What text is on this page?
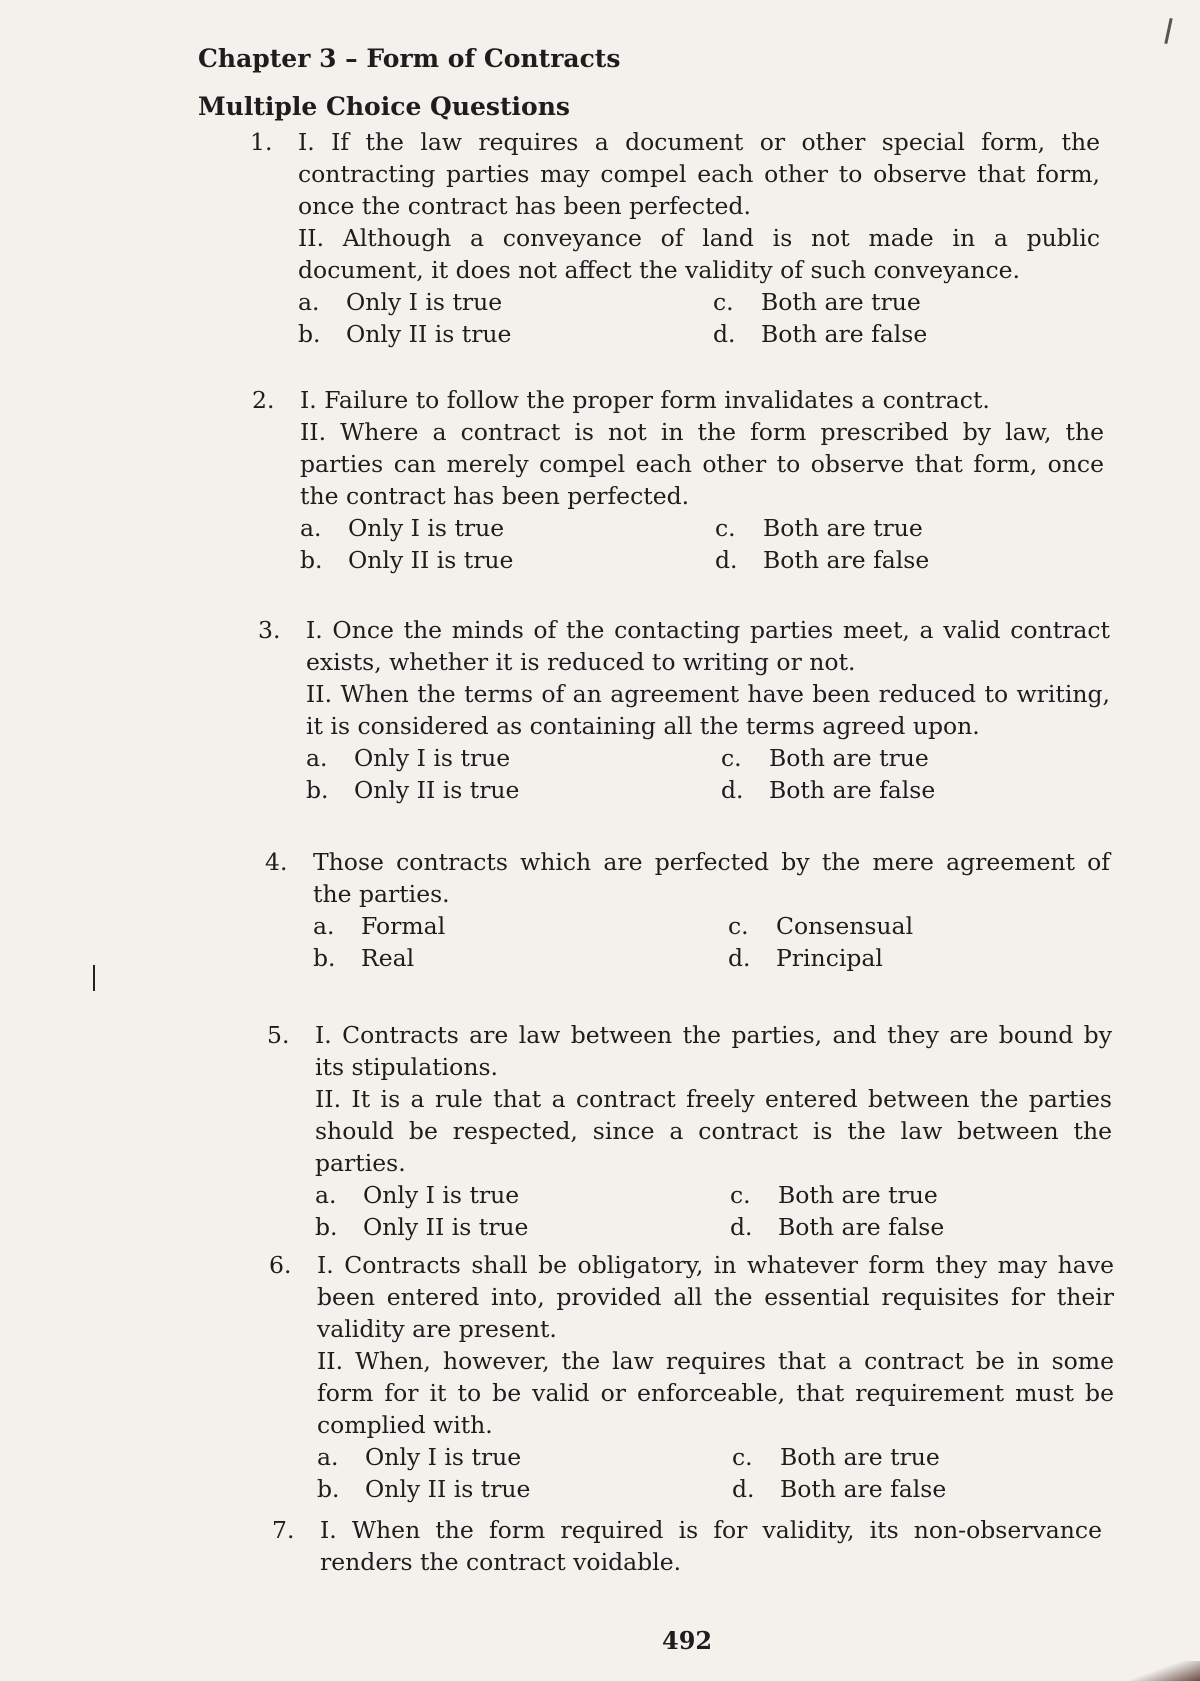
Chapter 3 – Form of Contracts
Multiple Choice Questions
1.	I. If the law requires a document or other special form, the contracting parties may compel each other to observe that form, once the contract has been perfected.

II. Although a conveyance of land is not made in a public document, it does not affect the validity of such conveyance.

a.	Only I is true	c.	Both are true
b.	Only II is true	d.	Both are false
2.	I. Failure to follow the proper form invalidates a contract.

II. Where a contract is not in the form prescribed by law, the parties can merely compel each other to observe that form, once the contract has been perfected.

a.	Only I is true	c.	Both are true
b.	Only II is true	d.	Both are false
3.	I. Once the minds of the contacting parties meet, a valid contract exists, whether it is reduced to writing or not.

II. When the terms of an agreement have been reduced to writing, it is considered as containing all the terms agreed upon.

a.	Only I is true	c.	Both are true
b.	Only II is true	d.	Both are false
4.	Those contracts which are perfected by the mere agreement of the parties.

a.	Formal	c.	Consensual
b.	Real	d.	Principal
5.	I. Contracts are law between the parties, and they are bound by its stipulations.

II. It is a rule that a contract freely entered between the parties should be respected, since a contract is the law between the parties.

a.	Only I is true	c.	Both are true
b.	Only II is true	d.	Both are false
6.	I. Contracts shall be obligatory, in whatever form they may have been entered into, provided all the essential requisites for their validity are present.

II. When, however, the law requires that a contract be in some form for it to be valid or enforceable, that requirement must be complied with.

a.	Only I is true	c.	Both are true
b.	Only II is true	d.	Both are false
7.	I. When the form required is for validity, its non-observance renders the contract voidable.

492
